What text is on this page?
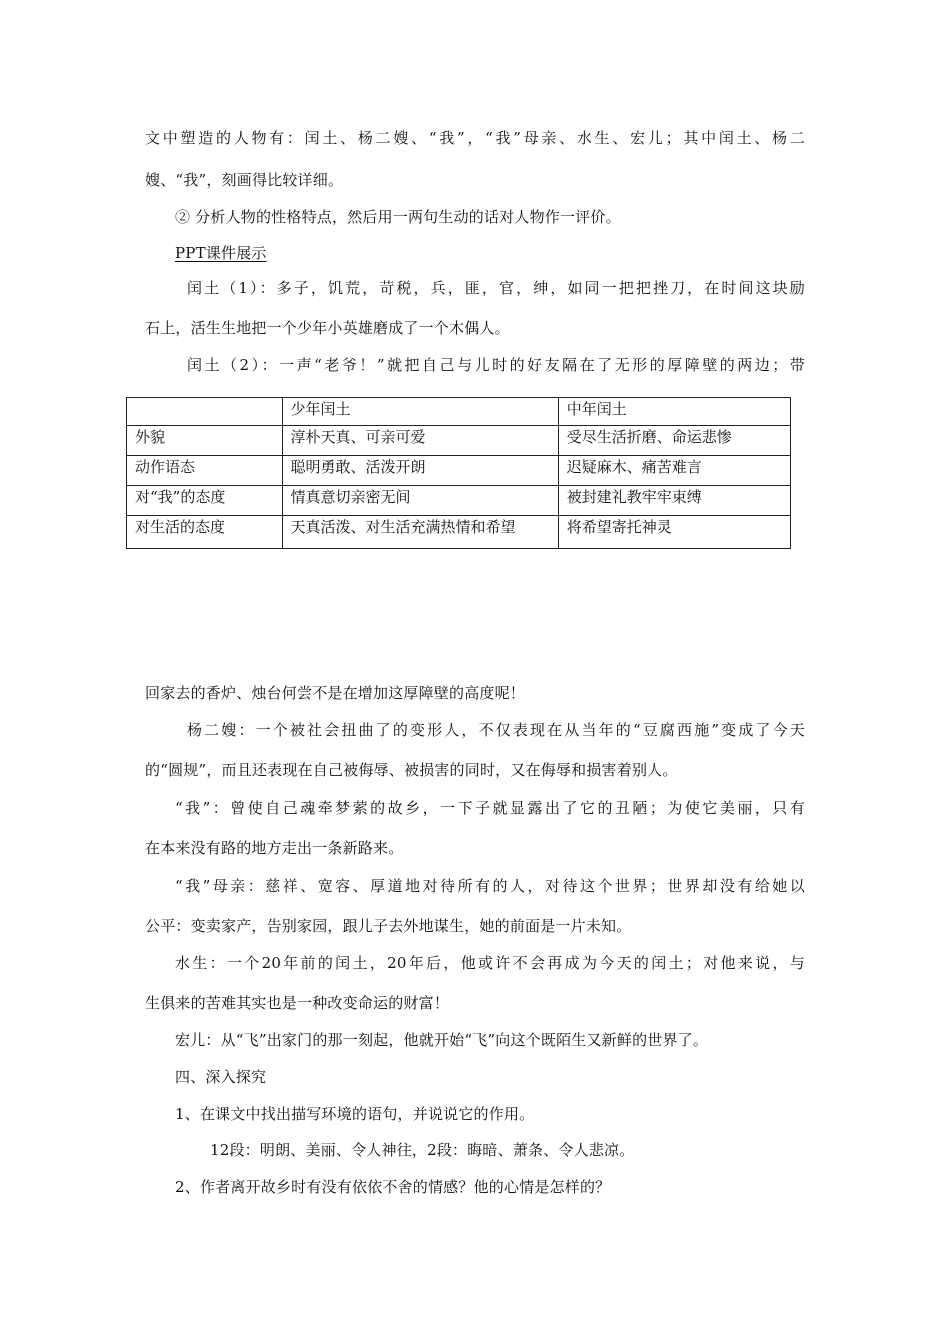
文中塑造的人物有：闰土、杨二嫂、“我”，“我”母亲、水生、宏儿；其中闰土、杨二
嫂、“我”，刻画得比较详细。
② 分析人物的性格特点，然后用一两句生动的话对人物作一评价。
PPT课件展示
闰土（1）：多子，饥荒，苛税，兵，匪，官，绅，如同一把把挫刀，在时间这块励
石上，活生生地把一个少年小英雄磨成了一个木偶人。
闰土（2）：一声“老爷！”就把自己与儿时的好友隔在了无形的厚障壁的两边；带
	少年闰土	中年闰土
外貌	淳朴天真、可亲可爱	受尽生活折磨、命运悲惨
动作语态	聪明勇敢、活泼开朗	迟疑麻木、痛苦难言
对“我”的态度	情真意切亲密无间	被封建礼教牢牢束缚
对生活的态度	天真活泼、对生活充满热情和希望	将希望寄托神灵
回家去的香炉、烛台何尝不是在增加这厚障壁的高度呢！
杨二嫂：一个被社会扭曲了的变形人，不仅表现在从当年的“豆腐西施”变成了今天
的“圆规”，而且还表现在自己被侮辱、被损害的同时，又在侮辱和损害着别人。
“我”：曾使自己魂牵梦萦的故乡，一下子就显露出了它的丑陋；为使它美丽，只有
在本来没有路的地方走出一条新路来。
“我”母亲：慈祥、宽容、厚道地对待所有的人，对待这个世界；世界却没有给她以
公平：变卖家产，告别家园，跟儿子去外地谋生，她的前面是一片未知。
水生：一个20年前的闰土，20年后，他或许不会再成为今天的闰土；对他来说，与
生俱来的苦难其实也是一种改变命运的财富！
宏儿：从“飞”出家门的那一刻起，他就开始“飞”向这个既陌生又新鲜的世界了。
四、深入探究
1、在课文中找出描写环境的语句，并说说它的作用。
12段：明朗、美丽、令人神往，2段：晦暗、萧条、令人悲凉。
2、作者离开故乡时有没有依依不舍的情感？他的心情是怎样的？
